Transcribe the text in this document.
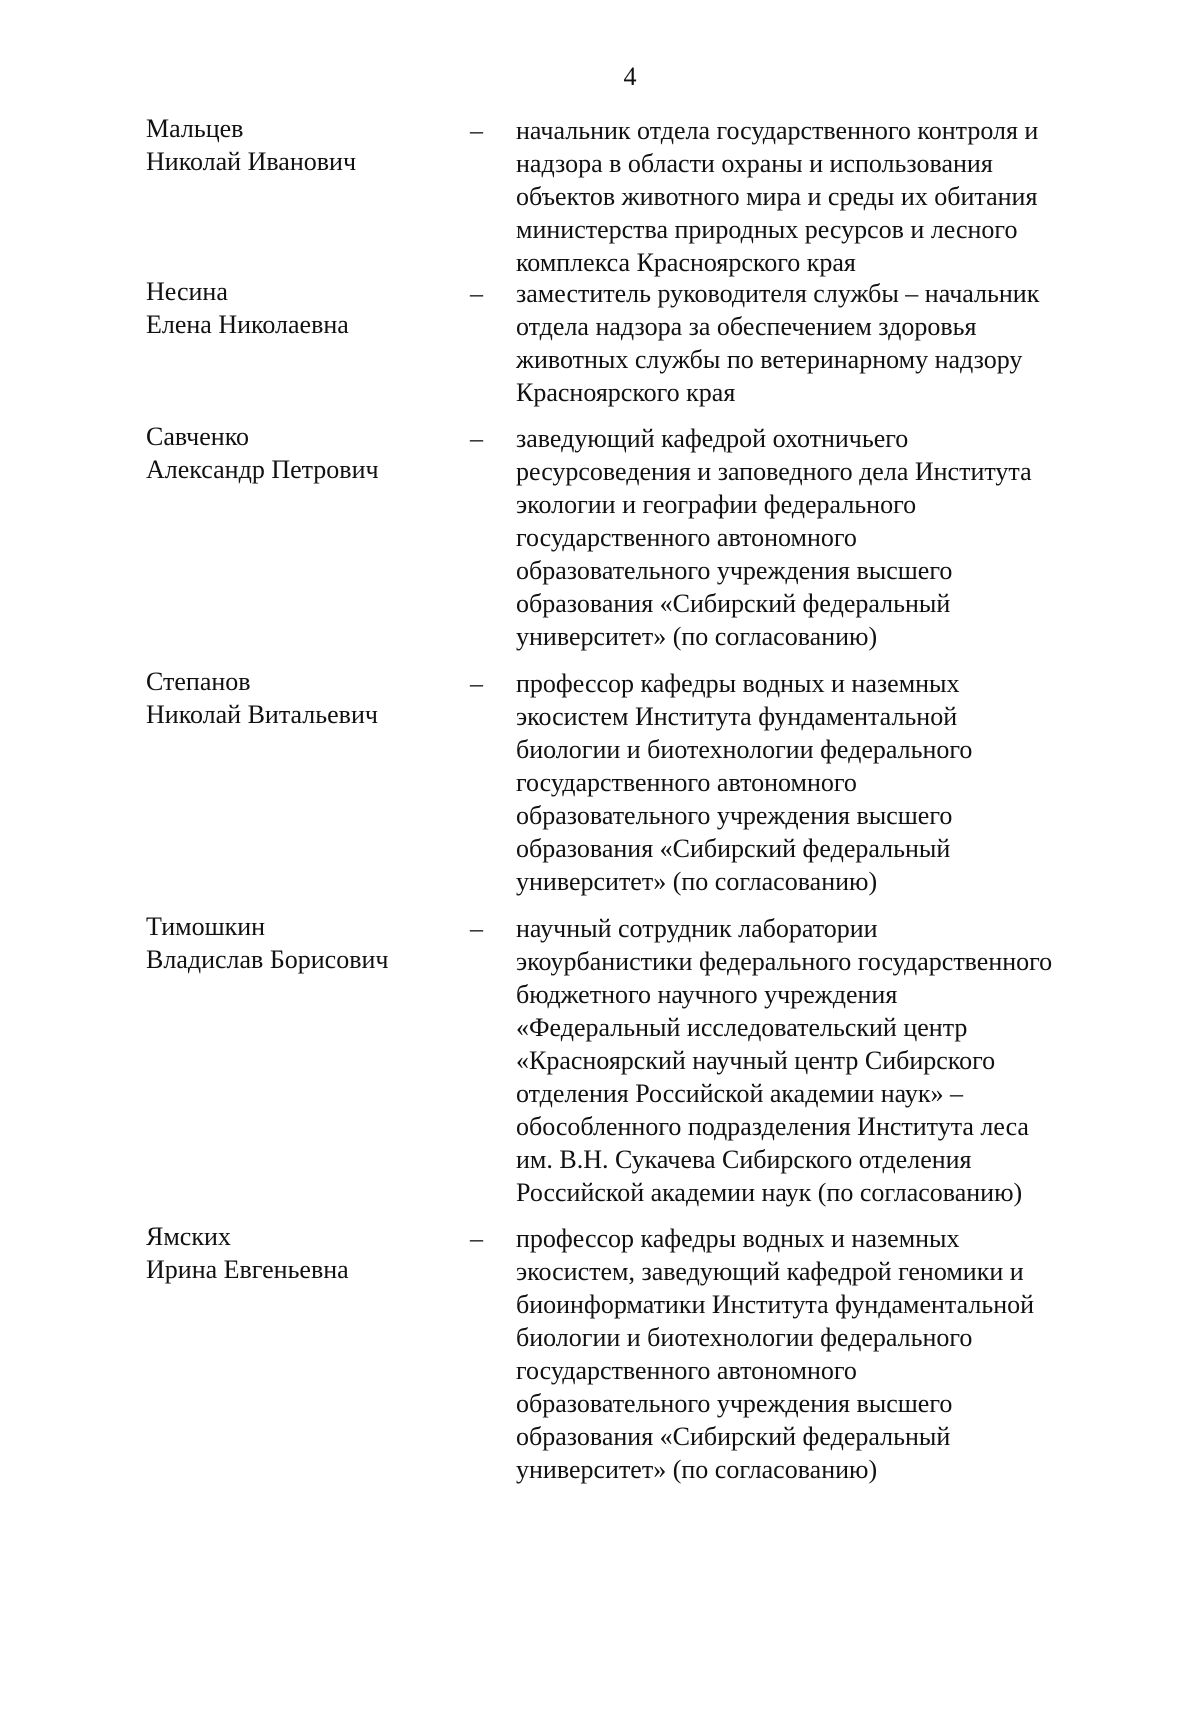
4
Мальцев
Николай Иванович
– начальник отдела государственного контроля и
надзора в области охраны и использования
объектов животного мира и среды их обитания
министерства природных ресурсов и лесного
комплекса Красноярского края
Несина
Елена Николаевна
– заместитель руководителя службы – начальник
отдела надзора за обеспечением здоровья
животных службы по ветеринарному надзору
Красноярского края
Савченко
Александр Петрович
– заведующий кафедрой охотничьего
ресурсоведения и заповедного дела Института
экологии и географии федерального
государственного автономного
образовательного учреждения высшего
образования «Сибирский федеральный
университет» (по согласованию)
Степанов
Николай Витальевич
– профессор кафедры водных и наземных
экосистем Института фундаментальной
биологии и биотехнологии федерального
государственного автономного
образовательного учреждения высшего
образования «Сибирский федеральный
университет» (по согласованию)
Тимошкин
Владислав Борисович
– научный сотрудник лаборатории
экоурбанистики федерального государственного
бюджетного научного учреждения
«Федеральный исследовательский центр
«Красноярский научный центр Сибирского
отделения Российской академии наук» –
обособленного подразделения Института леса
им. В.Н. Сукачева Сибирского отделения
Российской академии наук (по согласованию)
Ямских
Ирина Евгеньевна
– профессор кафедры водных и наземных
экосистем, заведующий кафедрой геномики и
биоинформатики Института фундаментальной
биологии и биотехнологии федерального
государственного автономного
образовательного учреждения высшего
образования «Сибирский федеральный
университет» (по согласованию)
